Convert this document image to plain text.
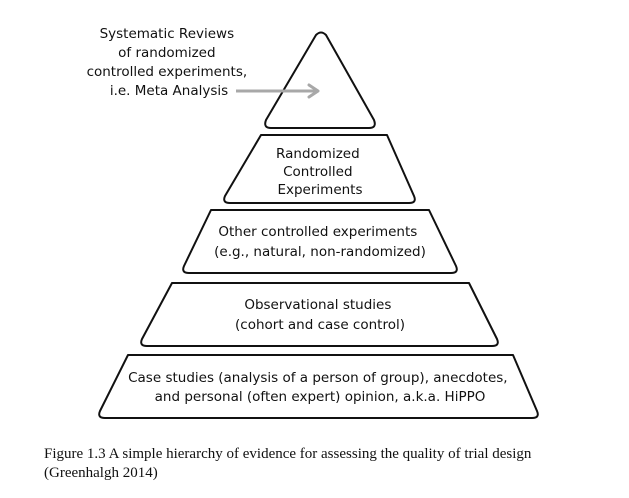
Systematic Reviews of randomized controlled experiments, i.e. Meta Analysis
Randomized Controlled Experiments
Other controlled experiments (e.g., natural, non-randomized)
Observational studies (cohort and case control)
Case studies (analysis of a person of group), anecdotes, and personal (often expert) opinion, a.k.a. HiPPO
Figure 1.3 A simple hierarchy of evidence for assessing the quality of trial design
(Greenhalgh 2014)
